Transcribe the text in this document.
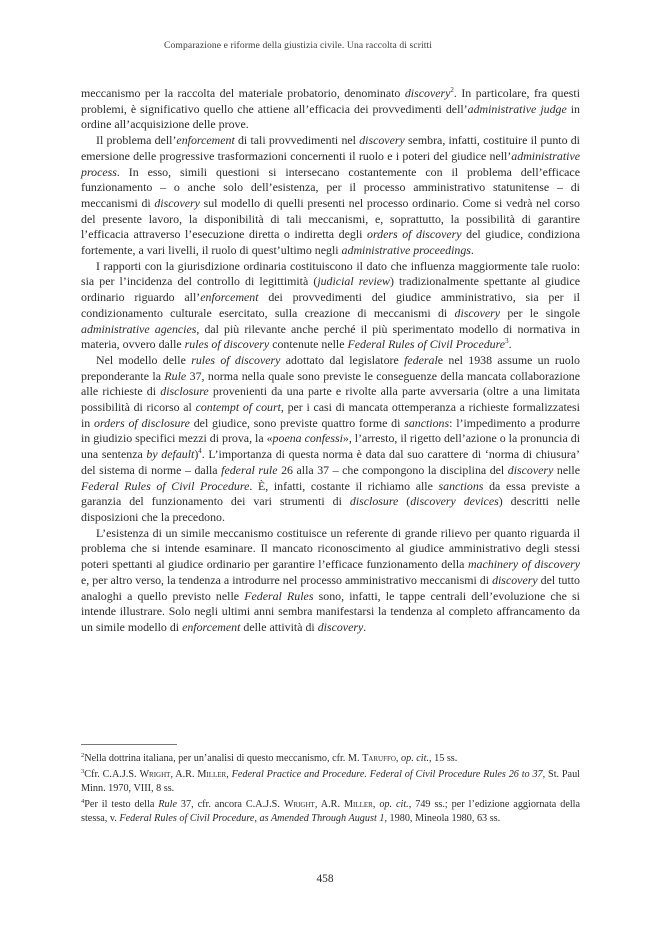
Comparazione e riforme della giustizia civile. Una raccolta di scritti

meccanismo per la raccolta del materiale probatorio, denominato discovery$^2$. In particolare, fra questi problemi, è significativo quello che attiene all’efficacia dei provvedimenti dell’administrative judge in ordine all’acquisizione delle prove.

Il problema dell’enforcement di tali provvedimenti nel discovery sembra, infatti, costituire il punto di emersione delle progressive trasformazioni concernenti il ruolo e i poteri del giudice nell’administrative process. In esso, simili questioni si intersecano costantemente con il problema dell’efficace funzionamento – o anche solo dell’esistenza, per il processo amministrativo statunitense – di meccanismi di discovery sul modello di quelli presenti nel processo ordinario. Come si vedrà nel corso del presente lavoro, la disponibilità di tali meccanismi, e, soprattutto, la possibilità di garantire l’efficacia attraverso l’esecuzione diretta o indiretta degli orders of discovery del giudice, condiziona fortemente, a vari livelli, il ruolo di quest’ultimo negli administrative proceedings.

I rapporti con la giurisdizione ordinaria costituiscono il dato che influenza maggiormente tale ruolo: sia per l’incidenza del controllo di legittimità (judicial review) tradizionalmente spettante al giudice ordinario riguardo all’enforcement dei provvedimenti del giudice amministrativo, sia per il condizionamento culturale esercitato, sulla creazione di meccanismi di discovery per le singole administrative agencies, dal più rilevante anche perché il più sperimentato modello di normativa in materia, ovvero dalle rules of discovery contenute nelle Federal Rules of Civil Procedure$^3$.

Nel modello delle rules of discovery adottato dal legislatore federale nel 1938 assume un ruolo preponderante la Rule 37, norma nella quale sono previste le conseguenze della mancata collaborazione alle richieste di disclosure provenienti da una parte e rivolte alla parte avversaria (oltre a una limitata possibilità di ricorso al contempt of court, per i casi di mancata ottemperanza a richieste formalizzatesi in orders of disclosure del giudice, sono previste quattro forme di sanctions: l’impedimento a produrre in giudizio specifici mezzi di prova, la «poena confessi», l’arresto, il rigetto dell’azione o la pronuncia di una sentenza by default)$^4$. L’importanza di questa norma è data dal suo carattere di ‘norma di chiusura’ del sistema di norme – dalla federal rule 26 alla 37 – che compongono la disciplina del discovery nelle Federal Rules of Civil Procedure. È, infatti, costante il richiamo alle sanctions da essa previste a garanzia del funzionamento dei vari strumenti di disclosure (discovery devices) descritti nelle disposizioni che la precedono.

L’esistenza di un simile meccanismo costituisce un referente di grande rilievo per quanto riguarda il problema che si intende esaminare. Il mancato riconoscimento al giudice amministrativo degli stessi poteri spettanti al giudice ordinario per garantire l’efficace funzionamento della machinery of discovery e, per altro verso, la tendenza a introdurre nel processo amministrativo meccanismi di discovery del tutto analoghi a quello previsto nelle Federal Rules sono, infatti, le tappe centrali dell’evoluzione che si intende illustrare. Solo negli ultimi anni sembra manifestarsi la tendenza al completo affrancamento da un simile modello di enforcement delle attività di discovery.

$^2$Nella dottrina italiana, per un’analisi di questo meccanismo, cfr. M. Taruffo, op. cit., 15 ss.

$^3$Cfr. C.A.J.S. Wright, A.R. Miller, Federal Practice and Procedure. Federal of Civil Procedure Rules 26 to 37, St. Paul Minn. 1970, VIII, 8 ss.

$^4$Per il testo della Rule 37, cfr. ancora C.A.J.S. Wright, A.R. Miller, op. cit., 749 ss.; per l’edizione aggiornata della stessa, v. Federal Rules of Civil Procedure, as Amended Through August 1, 1980, Mineola 1980, 63 ss.

458
